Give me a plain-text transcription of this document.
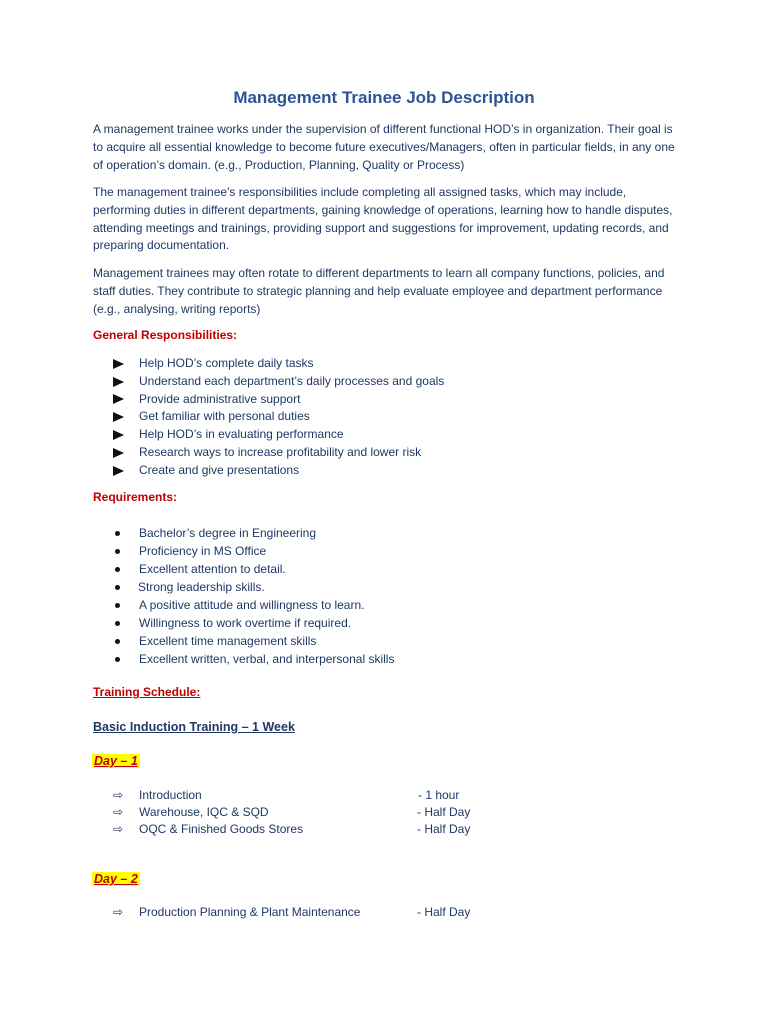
Management Trainee Job Description

A management trainee works under the supervision of different functional HOD’s in organization. Their goal is to acquire all essential knowledge to become future executives/Managers, often in particular fields, in any one of operation’s domain. (e.g., Production, Planning, Quality or Process)

The management trainee's responsibilities include completing all assigned tasks, which may include, performing duties in different departments, gaining knowledge of operations, learning how to handle disputes, attending meetings and trainings, providing support and suggestions for improvement, updating records, and preparing documentation.

Management trainees may often rotate to different departments to learn all company functions, policies, and staff duties. They contribute to strategic planning and help evaluate employee and department performance (e.g., analysing, writing reports)

General Responsibilities:

Help HOD’s complete daily tasks
Understand each department’s daily processes and goals
Provide administrative support
Get familiar with personal duties
Help HOD’s in evaluating performance
Research ways to increase profitability and lower risk
Create and give presentations

Requirements:

Bachelor’s degree in Engineering
Proficiency in MS Office
Excellent attention to detail.
Strong leadership skills.
A positive attitude and willingness to learn.
Willingness to work overtime if required.
Excellent time management skills
Excellent written, verbal, and interpersonal skills

Training Schedule:

Basic Induction Training – 1 Week

Day – 1

⇨ Introduction	- 1 hour
⇨ Warehouse, IQC & SQD	- Half Day
⇨ OQC & Finished Goods Stores	- Half Day

Day – 2

⇨ Production Planning & Plant Maintenance	- Half Day
